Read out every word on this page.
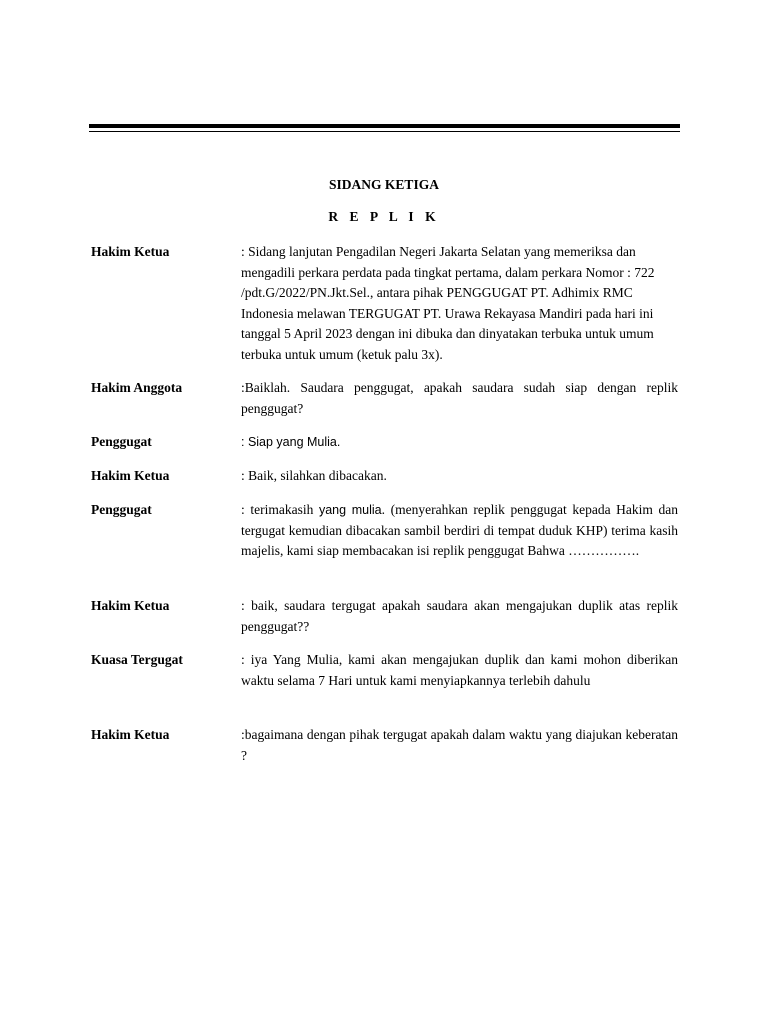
SIDANG KETIGA
R E P L I K
Hakim Ketua	: Sidang lanjutan Pengadilan Negeri Jakarta Selatan yang memeriksa dan mengadili perkara perdata pada tingkat pertama, dalam perkara Nomor : 722 /pdt.G/2022/PN.Jkt.Sel., antara pihak PENGGUGAT PT. Adhimix RMC Indonesia melawan TERGUGAT PT. Urawa Rekayasa Mandiri pada hari ini tanggal 5 April 2023 dengan ini dibuka dan dinyatakan terbuka untuk umum terbuka untuk umum (ketuk palu 3x).
Hakim Anggota	:Baiklah. Saudara penggugat, apakah saudara sudah siap dengan replik penggugat?
Penggugat	: Siap yang Mulia.
Hakim Ketua	: Baik, silahkan dibacakan.
Penggugat	: terimakasih yang mulia. (menyerahkan replik penggugat kepada Hakim dan tergugat kemudian dibacakan sambil berdiri di tempat duduk KHP) terima kasih majelis, kami siap membacakan isi replik penggugat Bahwa …………….
Hakim Ketua	: baik, saudara tergugat apakah saudara akan mengajukan duplik atas replik penggugat??
Kuasa Tergugat	: iya Yang Mulia, kami akan mengajukan duplik dan kami mohon diberikan waktu selama 7 Hari untuk kami menyiapkannya terlebih dahulu
Hakim Ketua	:bagaimana dengan pihak tergugat apakah dalam waktu yang diajukan keberatan ?
